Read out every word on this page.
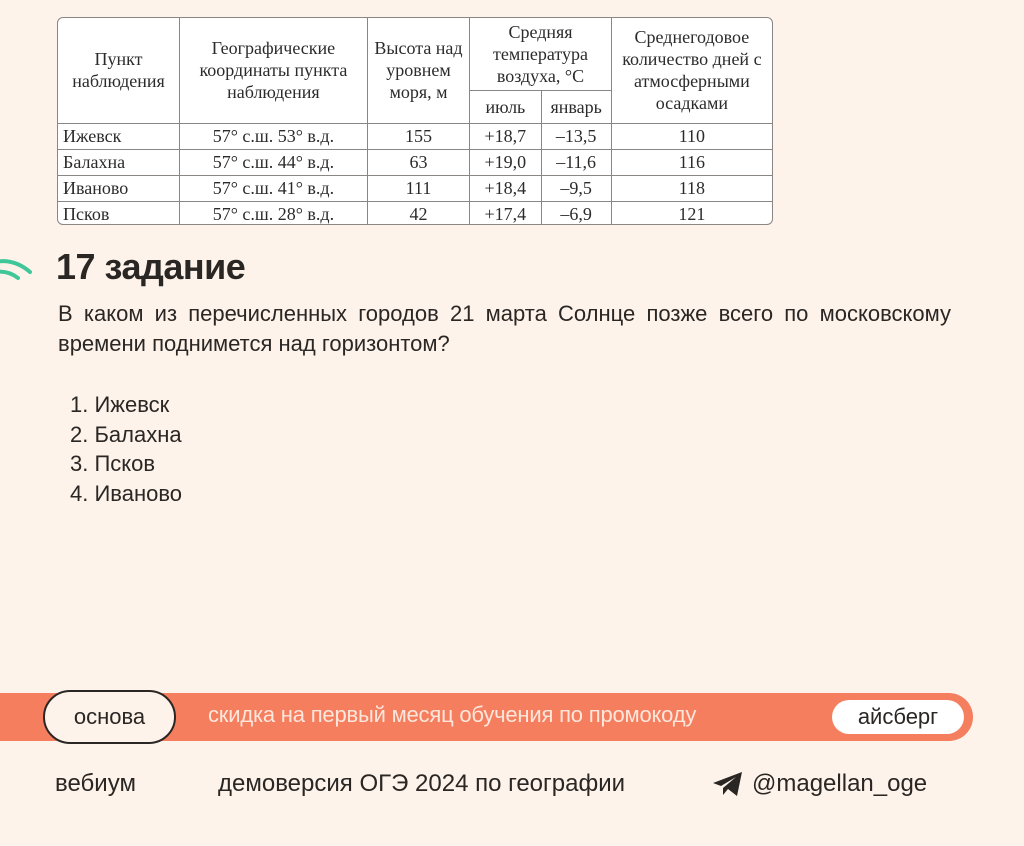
Пункт наблюдения	Географические координаты пункта наблюдения	Высота над уровнем моря, м	Средняя температура воздуха, °С		Среднегодовое количество дней с атмосферными осадками
			июль	январь	
Ижевск	57° с.ш. 53° в.д.	155	+18,7	–13,5	110
Балахна	57° с.ш. 44° в.д.	63	+19,0	–11,6	116
Иваново	57° с.ш. 41° в.д.	111	+18,4	–9,5	118
Псков	57° с.ш. 28° в.д.	42	+17,4	–6,9	121
17 задание

В каком из перечисленных городов 21 марта Солнце позже всего по московскому времени поднимется над горизонтом?

1. Ижевск
2. Балахна
3. Псков
4. Иваново
основа	скидка на первый месяц обучения по промокоду	айсберг
вебиум	демоверсия ОГЭ 2024 по географии	@magellan_oge
